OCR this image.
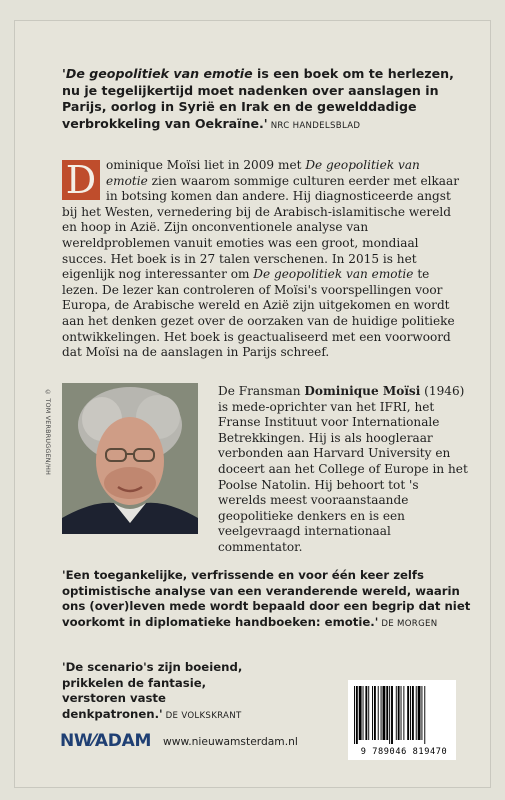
'De geopolitiek van emotie is een boek om te herlezen, nu je tegelijkertijd moet nadenken over aanslagen in Parijs, oorlog in Syrië en Irak en de gewelddadige verbrokkeling van Oekraïne.' NRC HANDELSBLAD
D ominique Moïsi liet in 2009 met De geopolitiek van emotie zien waarom sommige culturen eerder met elkaar in botsing komen dan andere. Hij diagnosticeerde angst bij het Westen, vernedering bij de Arabisch-islamitische wereld en hoop in Azië. Zijn onconventionele analyse van wereldproblemen vanuit emoties was een groot, mondiaal succes. Het boek is in 27 talen verschenen. In 2015 is het eigenlijk nog interessanter om De geopolitiek van emotie te lezen. De lezer kan controleren of Moïsi's voorspellingen voor Europa, de Arabische wereld en Azië zijn uitgekomen en wordt aan het denken gezet over de oorzaken van de huidige politieke ontwikkelingen. Het boek is geactualiseerd met een voorwoord dat Moïsi na de aanslagen in Parijs schreef.
© TOM VERBRUGGEN/HH	De Fransman Dominique Moïsi (1946) is mede-oprichter van het IFRI, het Franse Instituut voor Internationale Betrekkingen. Hij is als hoogleraar verbonden aan Harvard University en doceert aan het College of Europe in het Poolse Natolin. Hij behoort tot 's werelds meest vooraanstaande geopolitieke denkers en is een veelgevraagd internationaal commentator.
'Een toegankelijke, verfrissende en voor één keer zelfs optimistische analyse van een veranderende wereld, waarin ons (over)leven mede wordt bepaald door een begrip dat niet voorkomt in diplomatieke handboeken: emotie.' DE MORGEN
'De scenario's zijn boeiend, prikkelen de fantasie, verstoren vaste denkpatronen.' DE VOLKSKRANT
NW⁄ADAM	www.nieuwamsterdam.nl
9 789046 819470
